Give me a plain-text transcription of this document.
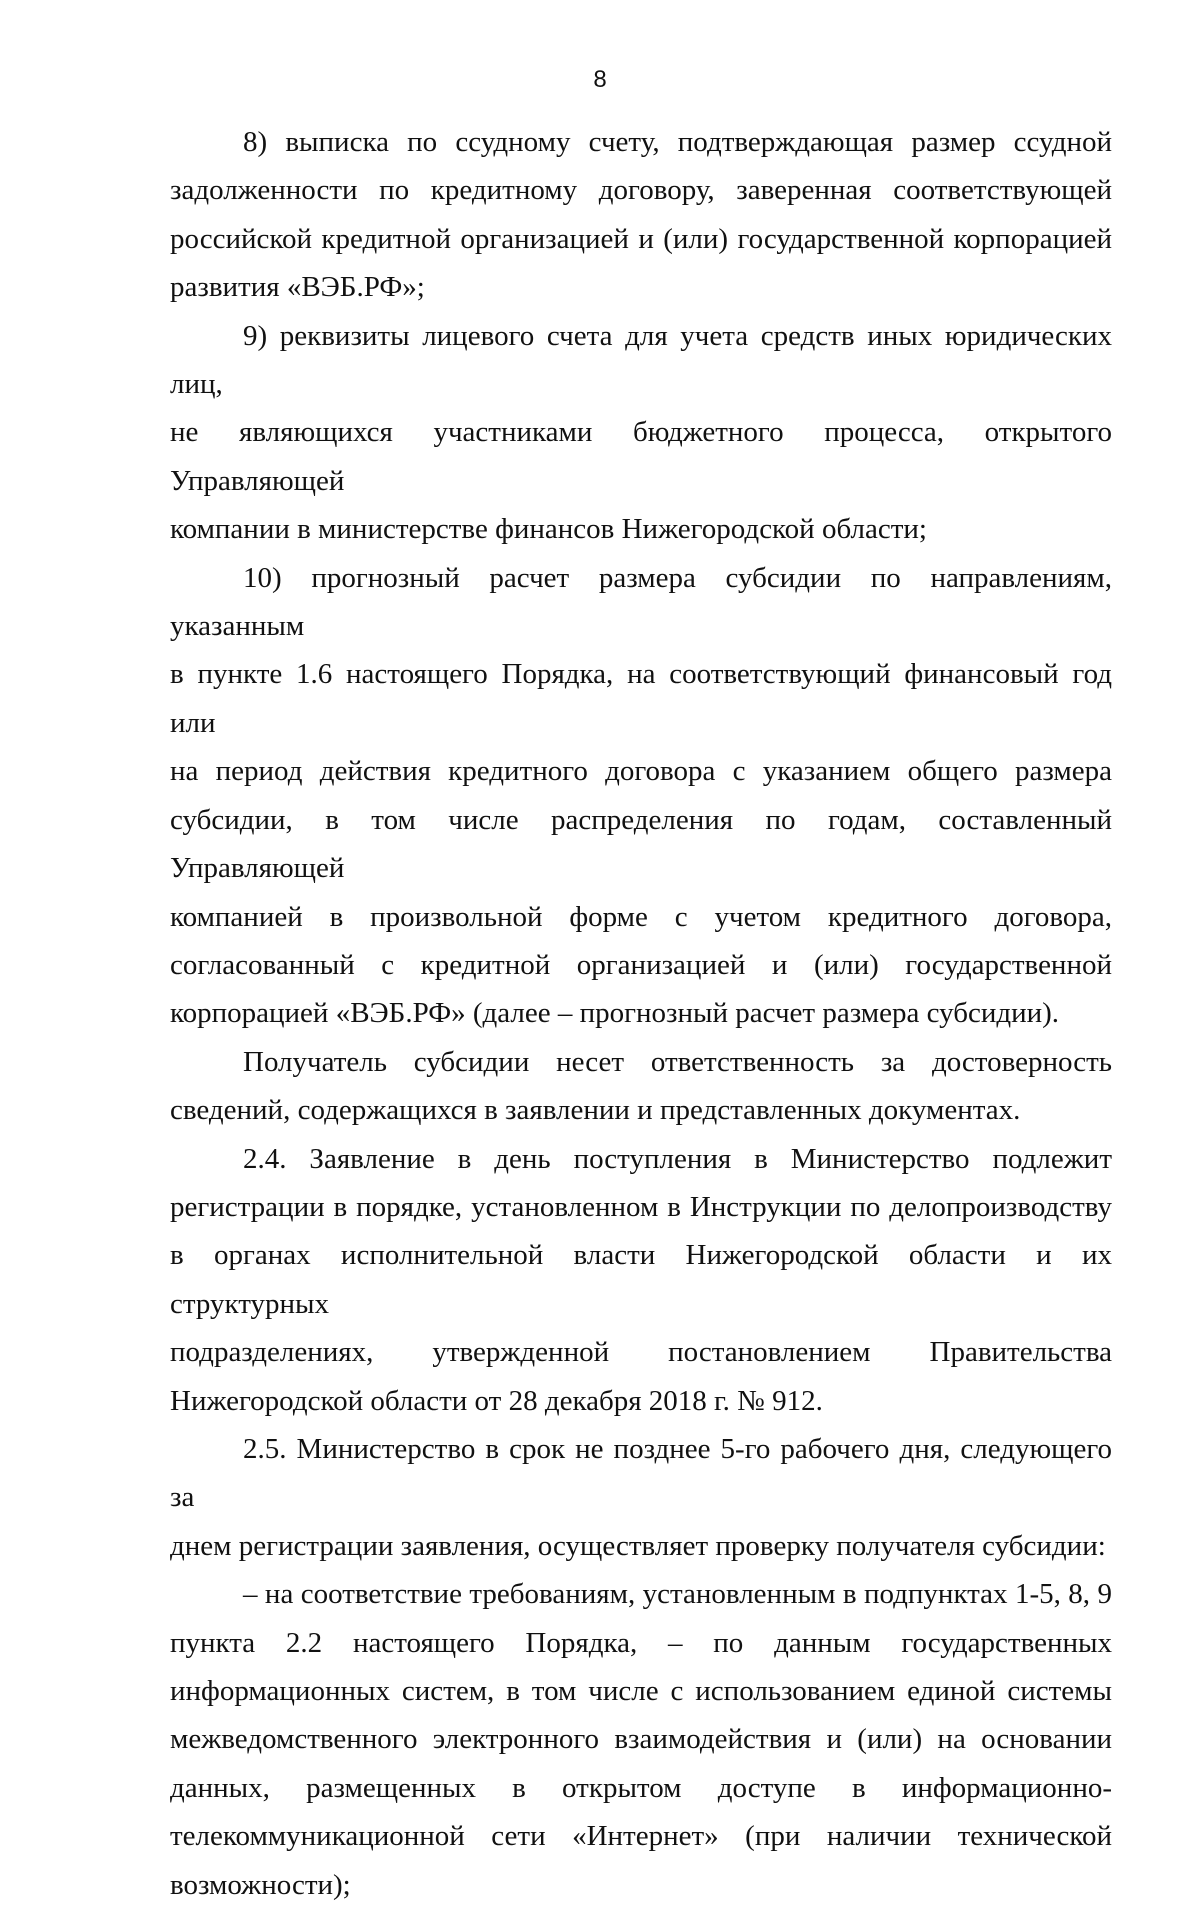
8
8) выписка по ссудному счету, подтверждающая размер ссудной
задолженности по кредитному договору, заверенная соответствующей
российской кредитной организацией и (или) государственной корпорацией
развития «ВЭБ.РФ»;
9) реквизиты лицевого счета для учета средств иных юридических лиц,
не являющихся участниками бюджетного процесса, открытого Управляющей
компании в министерстве финансов Нижегородской области;
10) прогнозный расчет размера субсидии по направлениям, указанным
в пункте 1.6 настоящего Порядка, на соответствующий финансовый год или
на период действия кредитного договора с указанием общего размера
субсидии, в том числе распределения по годам, составленный Управляющей
компанией в произвольной форме с учетом кредитного договора,
согласованный с кредитной организацией и (или) государственной
корпорацией «ВЭБ.РФ» (далее – прогнозный расчет размера субсидии).
Получатель субсидии несет ответственность за достоверность
сведений, содержащихся в заявлении и представленных документах.
2.4. Заявление в день поступления в Министерство подлежит
регистрации в порядке, установленном в Инструкции по делопроизводству
в органах исполнительной власти Нижегородской области и их структурных
подразделениях, утвержденной постановлением Правительства
Нижегородской области от 28 декабря 2018 г. № 912.
2.5. Министерство в срок не позднее 5-го рабочего дня, следующего за
днем регистрации заявления, осуществляет проверку получателя субсидии:
– на соответствие требованиям, установленным в подпунктах 1-5, 8, 9
пункта 2.2 настоящего Порядка, – по данным государственных
информационных систем, в том числе с использованием единой системы
межведомственного электронного взаимодействия и (или) на основании
данных, размещенных в открытом доступе в информационно-
телекоммуникационной сети «Интернет» (при наличии технической
возможности);
